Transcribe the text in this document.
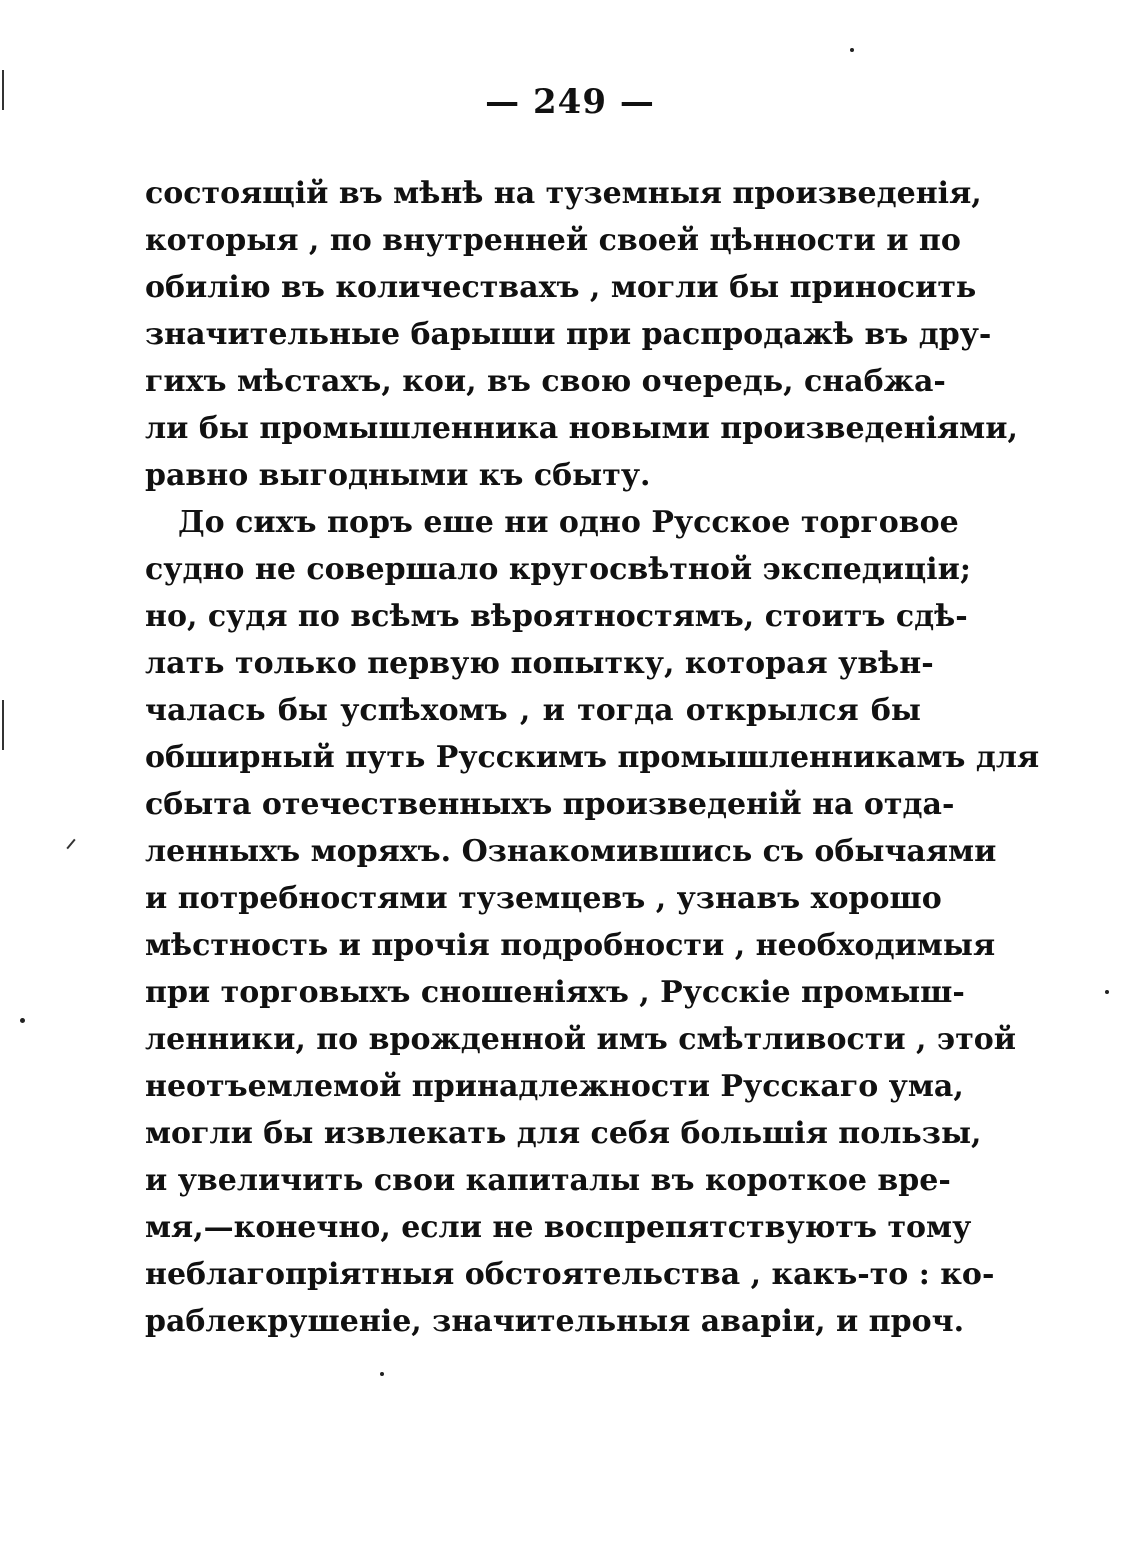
— 249 —
состоящій въ мѣнѣ на туземныя произведенія,
которыя , по внутренней своей цѣнности и по
обилію въ количествахъ , могли бы приносить
значительные барыши при распродажѣ въ дру-
гихъ мѣстахъ, кои, въ свою очередь, снабжа-
ли бы промышленника новыми произведеніями,
равно выгодными къ сбыту.
До сихъ поръ еше ни одно Русское торговое
судно не совершало кругосвѣтной экспедиціи;
но, судя по всѣмъ вѣроятностямъ, стоитъ сдѣ-
лать только первую попытку, которая увѣн-
чалась бы успѣхомъ , и тогда открылся бы
обширный путь Русскимъ промышленникамъ для
сбыта отечественныхъ произведеній на отда-
ленныхъ моряхъ. Ознакомившись съ обычаями
и потребностями туземцевъ , узнавъ хорошо
мѣстность и прочія подробности , необходимыя
при торговыхъ сношеніяхъ , Русскіе промыш-
ленники, по врожденной имъ смѣтливости , этой
неотъемлемой принадлежности Русскаго ума,
могли бы извлекать для себя большія пользы,
и увеличить свои капиталы въ короткое вре-
мя,—конечно, если не воспрепятствуютъ тому
неблагопріятныя обстоятельства , какъ-то : ко-
раблекрушеніе, значительныя аваріи, и проч.
